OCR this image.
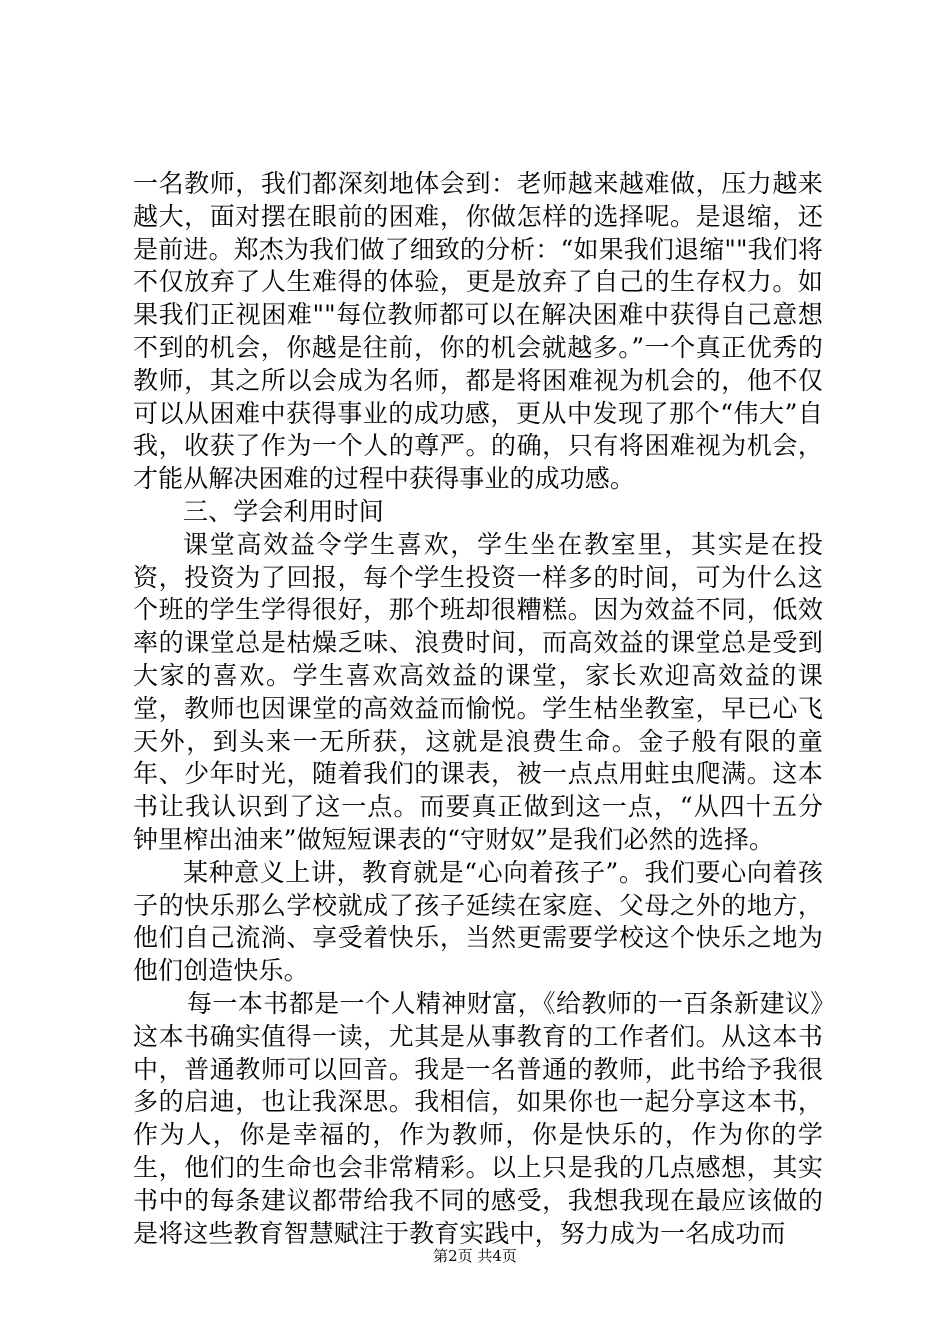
一名教师，我们都深刻地体会到：老师越来越难做，压力越来越大，面对摆在眼前的困难，你做怎样的选择呢。是退缩，还是前进。郑杰为我们做了细致的分析：“如果我们退缩""我们将不仅放弃了人生难得的体验，更是放弃了自己的生存权力。如果我们正视困难""每位教师都可以在解决困难中获得自己意想不到的机会，你越是往前，你的机会就越多。”一个真正优秀的教师，其之所以会成为名师，都是将困难视为机会的，他不仅可以从困难中获得事业的成功感，更从中发现了那个“伟大”自我，收获了作为一个人的尊严。的确，只有将困难视为机会，才能从解决困难的过程中获得事业的成功感。

三、学会利用时间

课堂高效益令学生喜欢，学生坐在教室里，其实是在投资，投资为了回报，每个学生投资一样多的时间，可为什么这个班的学生学得很好，那个班却很糟糕。因为效益不同，低效率的课堂总是枯燥乏味、浪费时间，而高效益的课堂总是受到大家的喜欢。学生喜欢高效益的课堂，家长欢迎高效益的课堂，教师也因课堂的高效益而愉悦。学生枯坐教室，早已心飞天外，到头来一无所获，这就是浪费生命。金子般有限的童年、少年时光，随着我们的课表，被一点点用蛀虫爬满。这本书让我认识到了这一点。而要真正做到这一点，“从四十五分钟里榨出油来”做短短课表的“守财奴”是我们必然的选择。

某种意义上讲，教育就是“心向着孩子”。我们要心向着孩子的快乐那么学校就成了孩子延续在家庭、父母之外的地方，他们自己流淌、享受着快乐，当然更需要学校这个快乐之地为他们创造快乐。

每一本书都是一个人精神财富，《给教师的一百条新建议》这本书确实值得一读，尤其是从事教育的工作者们。从这本书中，普通教师可以回音。我是一名普通的教师，此书给予我很多的启迪，也让我深思。我相信，如果你也一起分享这本书，作为人，你是幸福的，作为教师，你是快乐的，作为你的学生，他们的生命也会非常精彩。以上只是我的几点感想，其实书中的每条建议都带给我不同的感受，我想我现在最应该做的是将这些教育智慧赋注于教育实践中，努力成为一名成功而

第2页 共4页
